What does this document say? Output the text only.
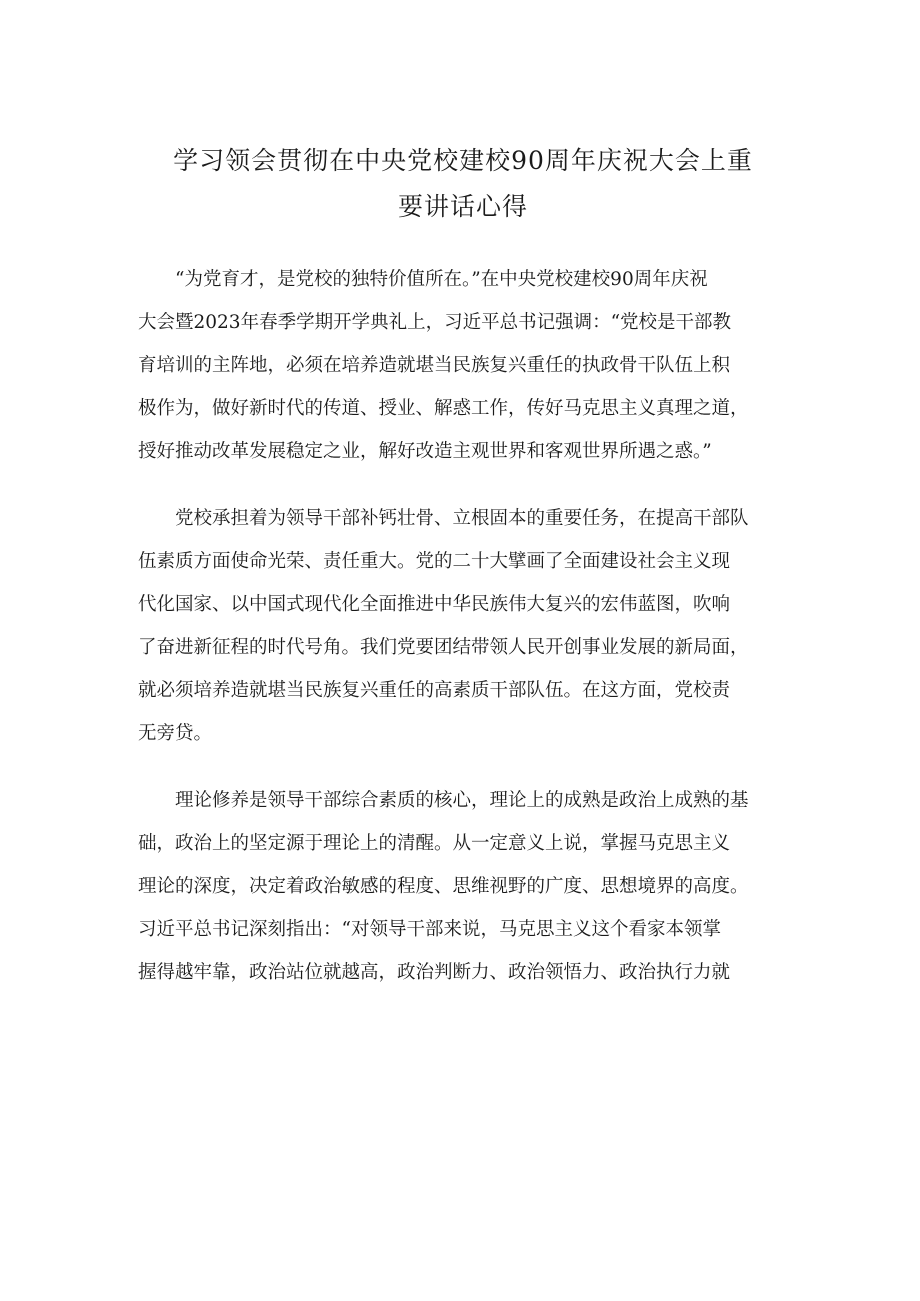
学习领会贯彻在中央党校建校90周年庆祝大会上重
要讲话心得
“为党育才，是党校的独特价值所在。”在中央党校建校90周年庆祝
大会暨2023年春季学期开学典礼上，习近平总书记强调：“党校是干部教
育培训的主阵地，必须在培养造就堪当民族复兴重任的执政骨干队伍上积
极作为，做好新时代的传道、授业、解惑工作，传好马克思主义真理之道，
授好推动改革发展稳定之业，解好改造主观世界和客观世界所遇之惑。”
党校承担着为领导干部补钙壮骨、立根固本的重要任务，在提高干部队
伍素质方面使命光荣、责任重大。党的二十大擘画了全面建设社会主义现
代化国家、以中国式现代化全面推进中华民族伟大复兴的宏伟蓝图，吹响
了奋进新征程的时代号角。我们党要团结带领人民开创事业发展的新局面，
就必须培养造就堪当民族复兴重任的高素质干部队伍。在这方面，党校责
无旁贷。
理论修养是领导干部综合素质的核心，理论上的成熟是政治上成熟的基
础，政治上的坚定源于理论上的清醒。从一定意义上说，掌握马克思主义
理论的深度，决定着政治敏感的程度、思维视野的广度、思想境界的高度。
习近平总书记深刻指出：“对领导干部来说，马克思主义这个看家本领掌
握得越牢靠，政治站位就越高，政治判断力、政治领悟力、政治执行力就
